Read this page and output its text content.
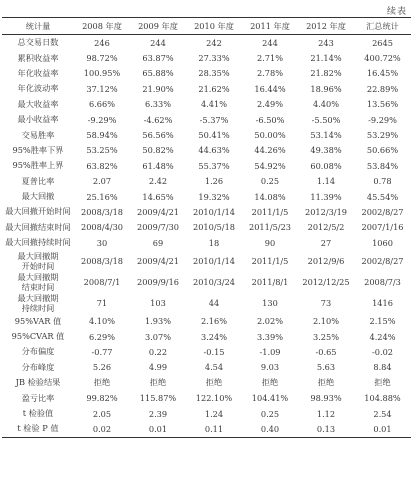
续表
统计量	2008 年度	2009 年度	2010 年度	2011 年度	2012 年度	汇总统计
总交易日数	246	244	242	244	243	2645
累积收益率	98.72%	63.87%	27.33%	2.71%	21.14%	400.72%
年化收益率	100.95%	65.88%	28.35%	2.78%	21.82%	16.45%
年化波动率	37.12%	21.90%	21.62%	16.44%	18.96%	22.89%
最大收益率	6.66%	6.33%	4.41%	2.49%	4.40%	13.56%
最小收益率	-9.29%	-4.62%	-5.37%	-6.50%	-5.50%	-9.29%
交易胜率	58.94%	56.56%	50.41%	50.00%	53.14%	53.29%
95%胜率下界	53.25%	50.82%	44.63%	44.26%	49.38%	50.66%
95%胜率上界	63.82%	61.48%	55.37%	54.92%	60.08%	53.84%
夏普比率	2.07	2.42	1.26	0.25	1.14	0.78
最大回撤	25.16%	14.65%	19.32%	14.08%	11.39%	45.54%
最大回撤开始时间	2008/3/18	2009/4/21	2010/1/14	2011/1/5	2012/3/19	2002/8/27
最大回撤结束时间	2008/4/30	2009/7/30	2010/5/18	2011/5/23	2012/5/2	2007/1/16
最大回撤持续时间	30	69	18	90	27	1060
最大回撤期
开始时间	2008/3/18	2009/4/21	2010/1/14	2011/1/5	2012/9/6	2002/8/27
最大回撤期
结束时间	2008/7/1	2009/9/16	2010/3/24	2011/8/1	2012/12/25	2008/7/3
最大回撤期
持续时间	71	103	44	130	73	1416
95%VAR 值	4.10%	1.93%	2.16%	2.02%	2.10%	2.15%
95%CVAR 值	6.29%	3.07%	3.24%	3.39%	3.25%	4.24%
分布偏度	-0.77	0.22	-0.15	-1.09	-0.65	-0.02
分布峰度	5.26	4.99	4.54	9.03	5.63	8.84
JB 检验结果	拒绝	拒绝	拒绝	拒绝	拒绝	拒绝
盈亏比率	99.82%	115.87%	122.10%	104.41%	98.93%	104.88%
t 检验值	2.05	2.39	1.24	0.25	1.12	2.54
t 检验 P 值	0.02	0.01	0.11	0.40	0.13	0.01
